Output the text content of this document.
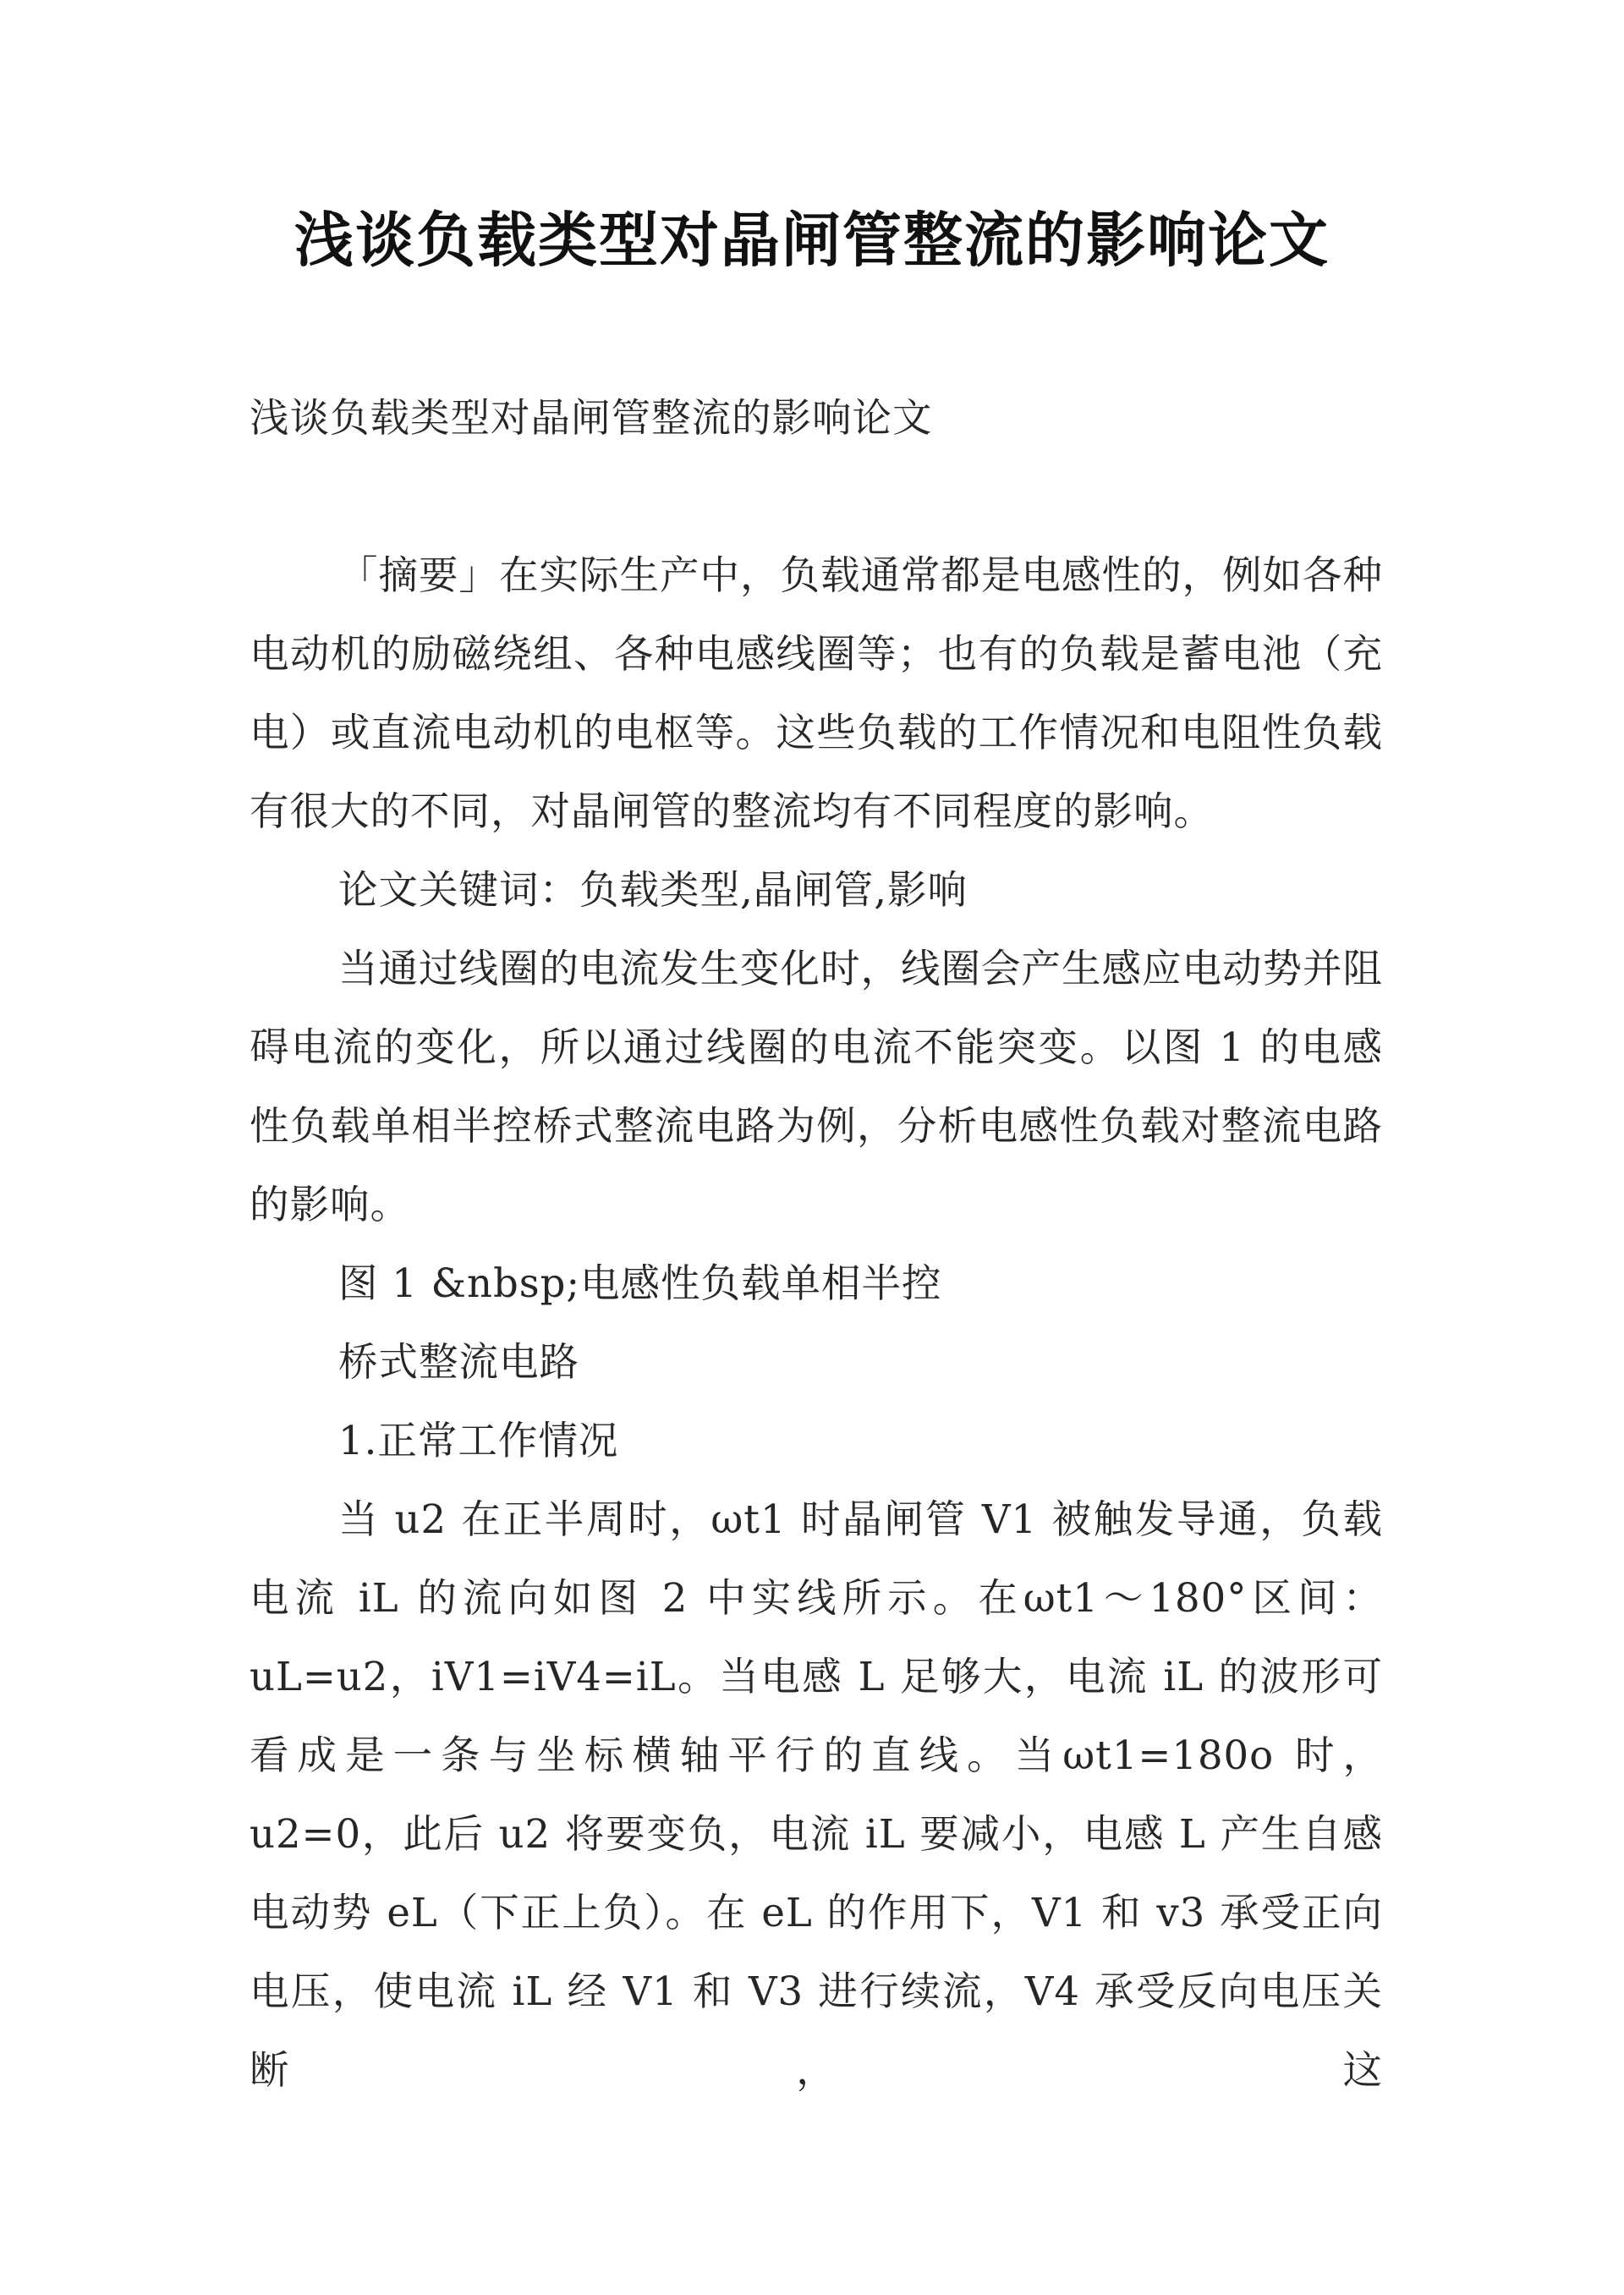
浅谈负载类型对晶闸管整流的影响论文

浅谈负载类型对晶闸管整流的影响论文

「摘要」在实际生产中，负载通常都是电感性的，例如各种电动机的励磁绕组、各种电感线圈等；也有的负载是蓄电池（充电）或直流电动机的电枢等。这些负载的工作情况和电阻性负载有很大的不同，对晶闸管的整流均有不同程度的影响。

论文关键词：负载类型,晶闸管,影响

当通过线圈的电流发生变化时，线圈会产生感应电动势并阻碍电流的变化，所以通过线圈的电流不能突变。以图 1 的电感性负载单相半控桥式整流电路为例，分析电感性负载对整流电路的影响。

图 1 &nbsp;电感性负载单相半控

桥式整流电路

1.正常工作情况

当 u2 在正半周时，ωt1 时晶闸管 V1 被触发导通，负载电流 iL 的流向如图 2 中实线所示。在ωt1～180°区间：uL=u2，iV1=iV4=iL。当电感 L 足够大，电流 iL 的波形可看成是一条与坐标横轴平行的直线。当ωt1=180o 时，u2=0，此后 u2 将要变负，电流 iL 要减小，电感 L 产生自感电动势 eL（下正上负）。在 eL 的作用下，V1 和 v3 承受正向电压，使电流 iL 经 V1 和 V3 进行续流，V4 承受反向电压关断，这
